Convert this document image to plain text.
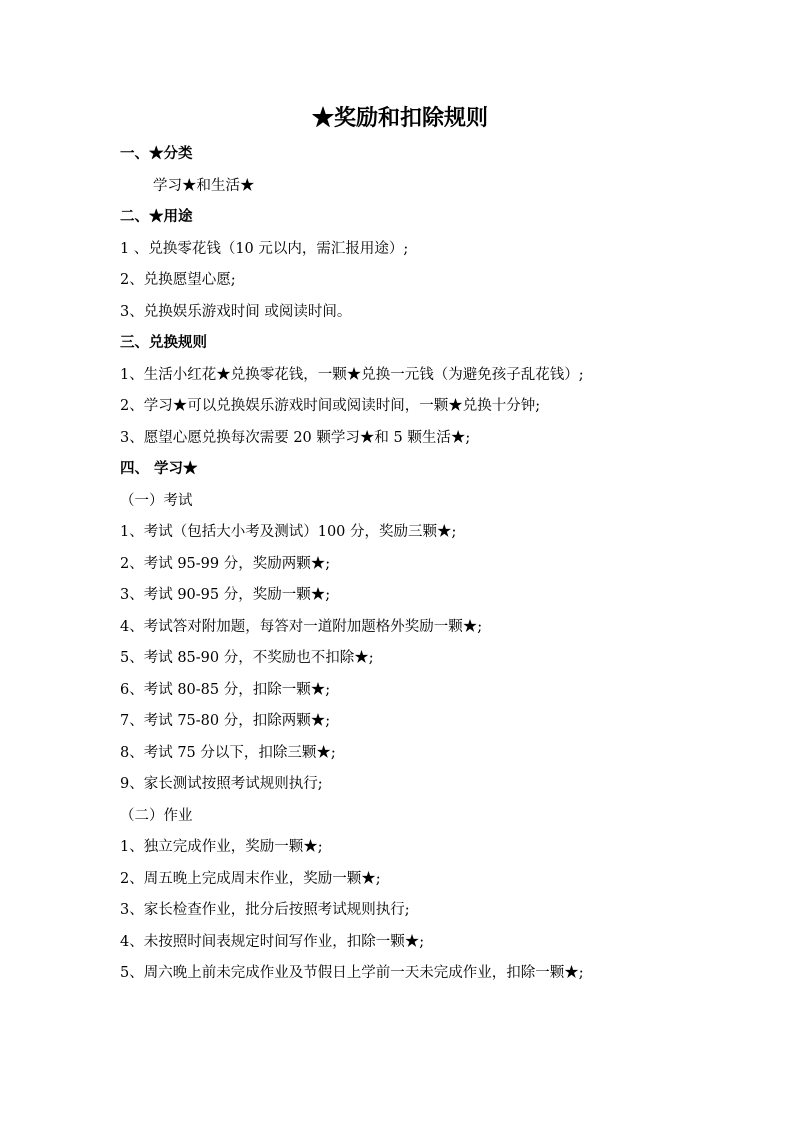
★奖励和扣除规则
一、★分类
学习★和生活★
二、★用途
1 、兑换零花钱（10 元以内，需汇报用途）;
2、兑换愿望心愿;
3、兑换娱乐游戏时间 或阅读时间。
三、兑换规则
1、生活小红花★兑换零花钱，一颗★兑换一元钱（为避免孩子乱花钱）;
2、学习★可以兑换娱乐游戏时间或阅读时间，一颗★兑换十分钟;
3、愿望心愿兑换每次需要 20 颗学习★和 5 颗生活★;
四、 学习★
（一）考试
1、考试（包括大小考及测试）100 分，奖励三颗★;
2、考试 95-99 分，奖励两颗★;
3、考试 90-95 分，奖励一颗★;
4、考试答对附加题，每答对一道附加题格外奖励一颗★;
5、考试 85-90 分，不奖励也不扣除★;
6、考试 80-85 分，扣除一颗★;
7、考试 75-80 分，扣除两颗★;
8、考试 75 分以下，扣除三颗★;
9、家长测试按照考试规则执行;
（二）作业
1、独立完成作业，奖励一颗★;
2、周五晚上完成周末作业，奖励一颗★;
3、家长检查作业，批分后按照考试规则执行;
4、未按照时间表规定时间写作业，扣除一颗★;
5、周六晚上前未完成作业及节假日上学前一天未完成作业，扣除一颗★;
